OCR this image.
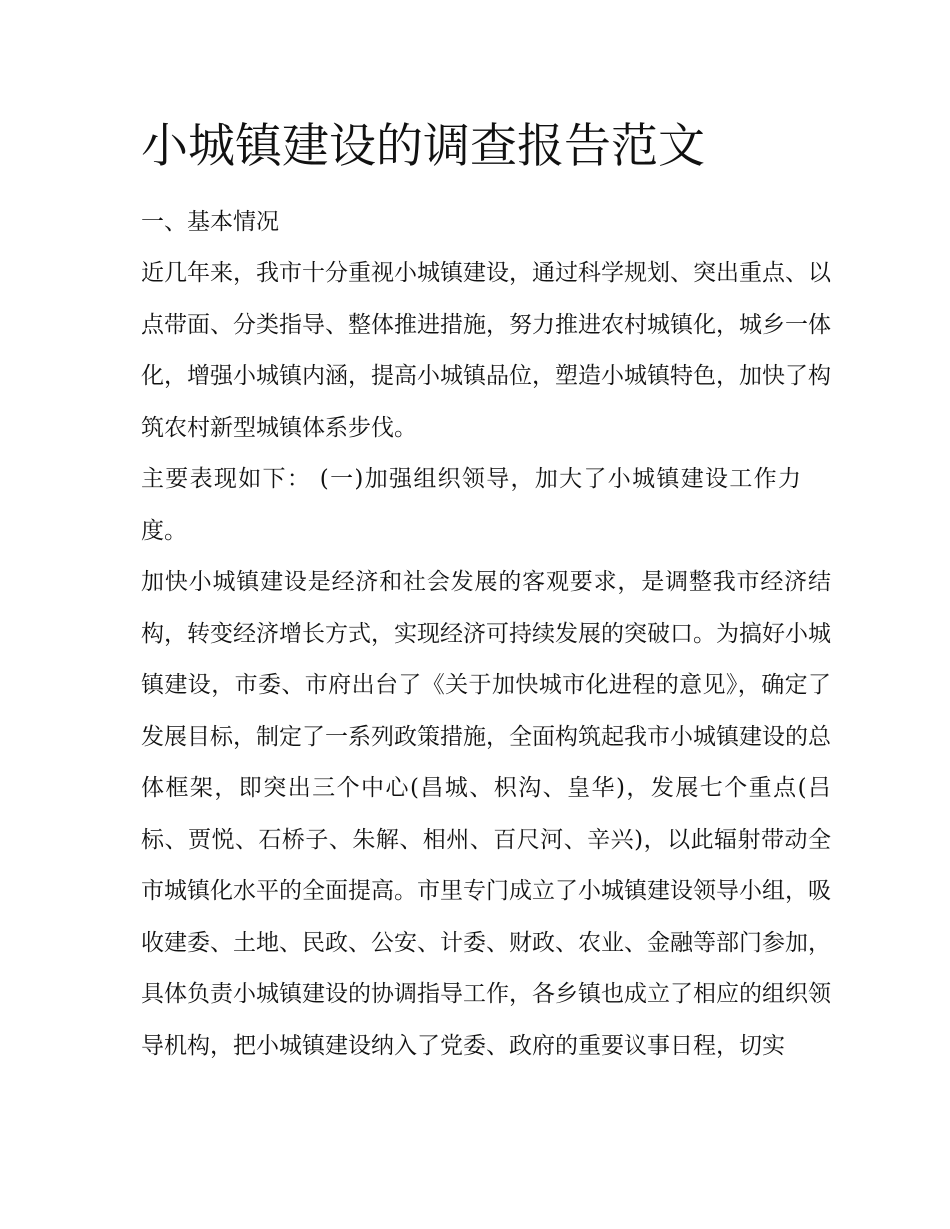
小城镇建设的调查报告范文

一、基本情况

近几年来，我市十分重视小城镇建设，通过科学规划、突出重点、以点带面、分类指导、整体推进措施，努力推进农村城镇化，城乡一体化，增强小城镇内涵，提高小城镇品位，塑造小城镇特色，加快了构筑农村新型城镇体系步伐。

主要表现如下： (一)加强组织领导，加大了小城镇建设工作力度。

加快小城镇建设是经济和社会发展的客观要求，是调整我市经济结构，转变经济增长方式，实现经济可持续发展的突破口。为搞好小城镇建设，市委、市府出台了《关于加快城市化进程的意见》，确定了发展目标，制定了一系列政策措施，全面构筑起我市小城镇建设的总体框架，即突出三个中心(昌城、枳沟、皇华)，发展七个重点(吕标、贾悦、石桥子、朱解、相州、百尺河、辛兴)，以此辐射带动全市城镇化水平的全面提高。市里专门成立了小城镇建设领导小组，吸收建委、土地、民政、公安、计委、财政、农业、金融等部门参加，具体负责小城镇建设的协调指导工作，各乡镇也成立了相应的组织领导机构，把小城镇建设纳入了党委、政府的重要议事日程，切实
